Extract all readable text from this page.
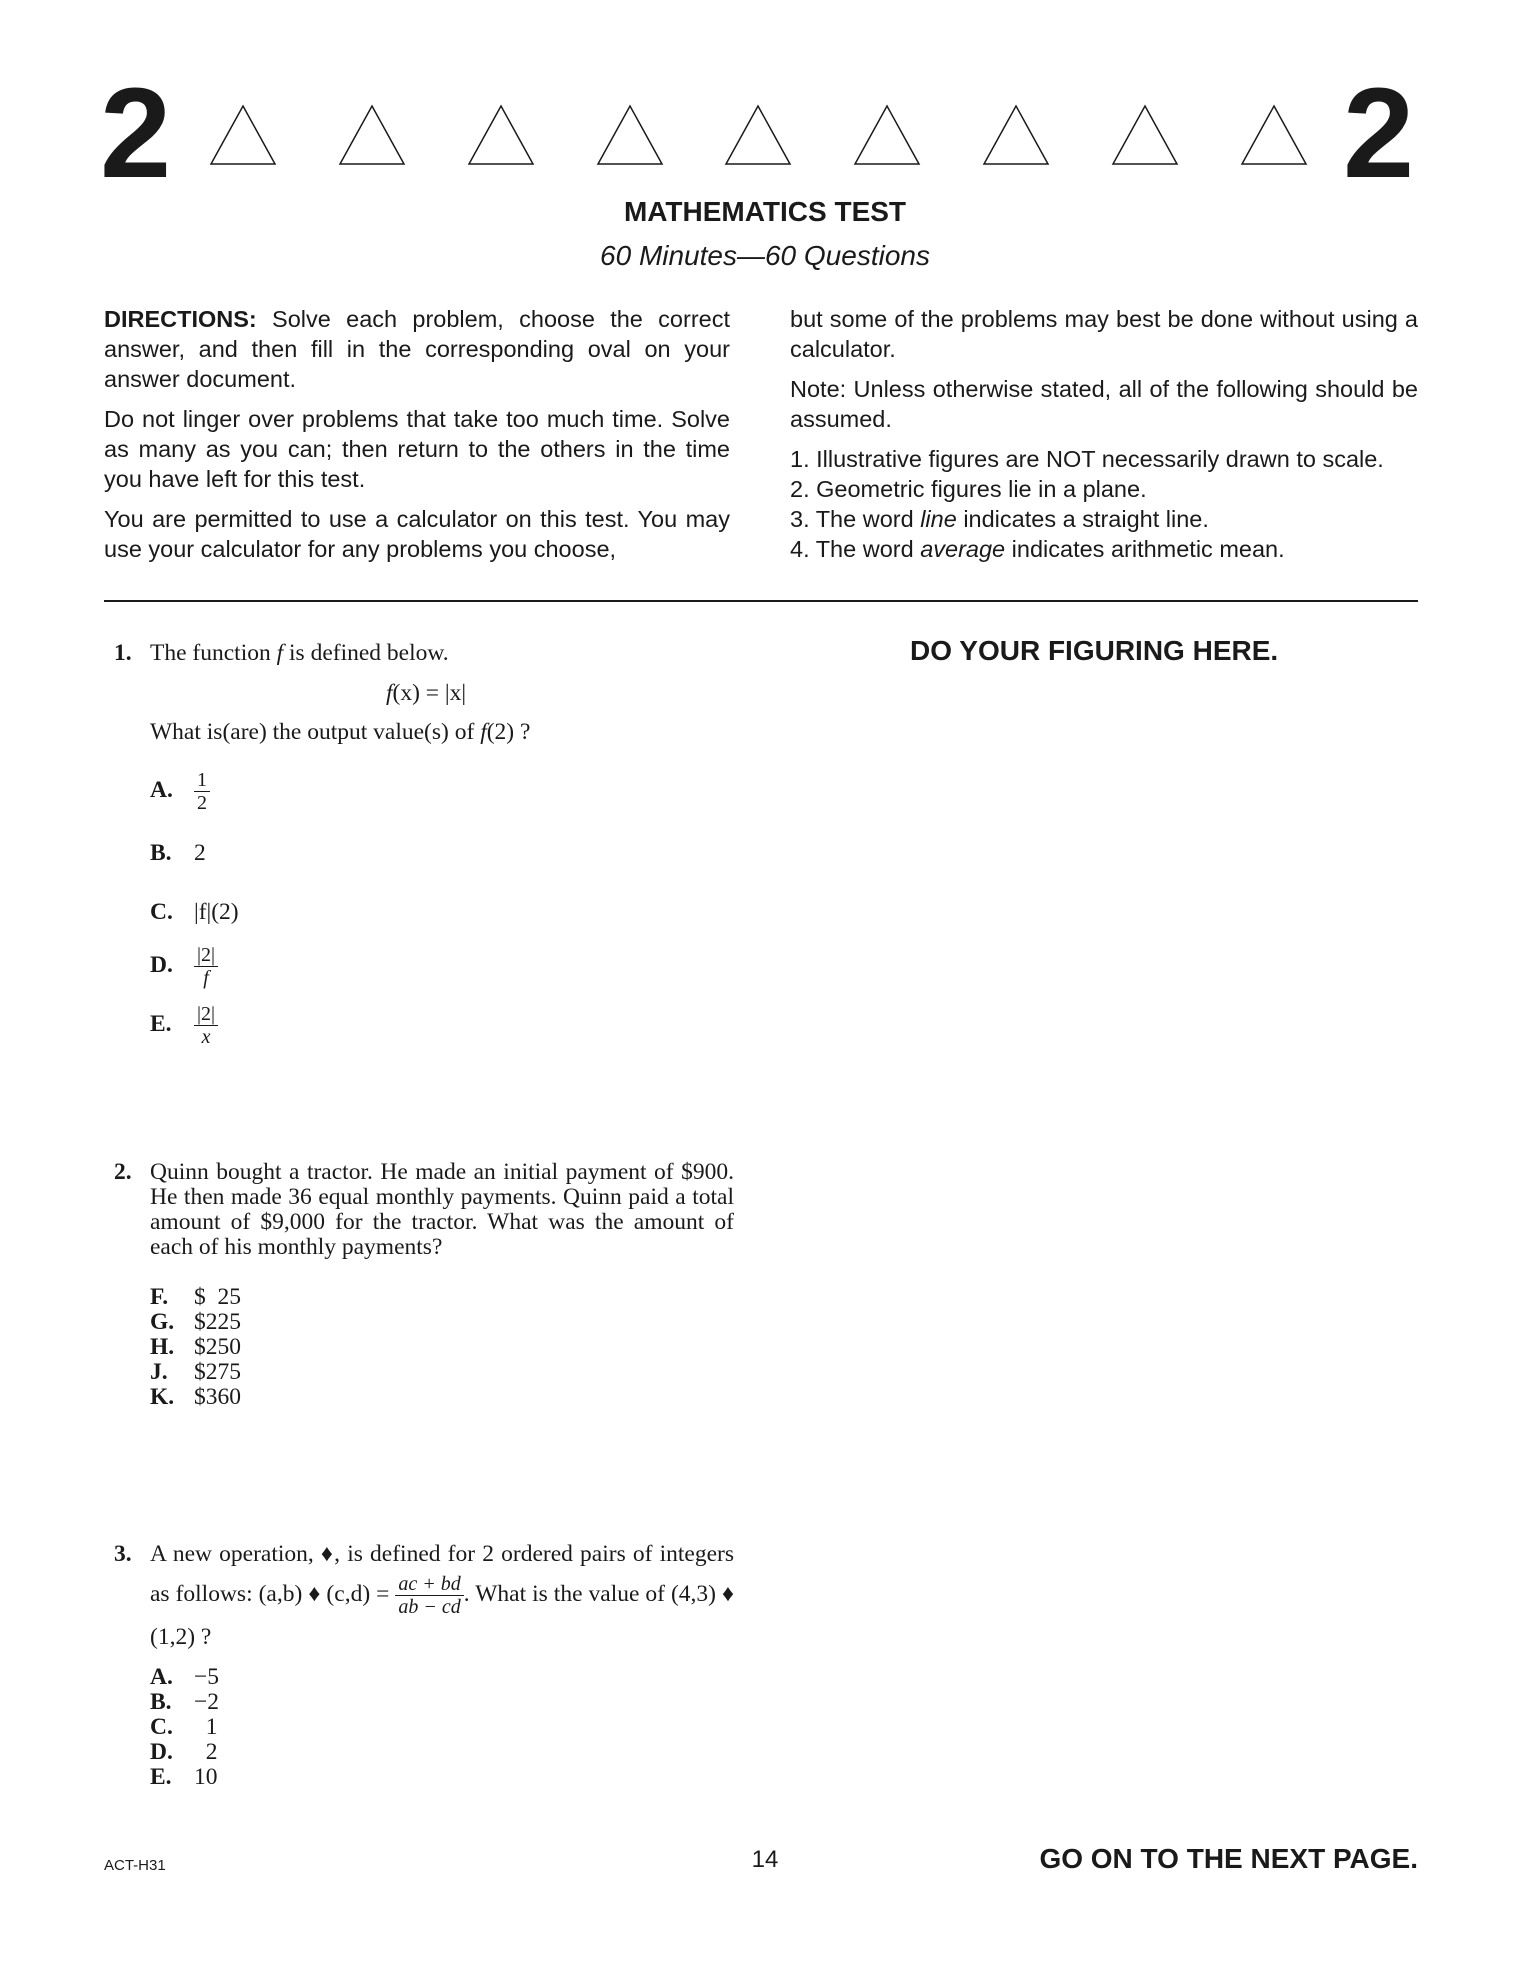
2	2
MATHEMATICS TEST
60 Minutes—60 Questions

DIRECTIONS: Solve each problem, choose the correct answer, and then fill in the corresponding oval on your answer document.

Do not linger over problems that take too much time. Solve as many as you can; then return to the others in the time you have left for this test.

You are permitted to use a calculator on this test. You may use your calculator for any problems you choose,

but some of the problems may best be done without using a calculator.

Note: Unless otherwise stated, all of the following should be assumed.

1. Illustrative figures are NOT necessarily drawn to scale.
2. Geometric figures lie in a plane.
3. The word line indicates a straight line.
4. The word average indicates arithmetic mean.
DO YOUR FIGURING HERE.
1. The function f is defined below.
f(x) = |x|
What is(are) the output value(s) of f(2) ?
A. $\frac{1}{2}$
B. 2
C. |f|(2)
D. $\frac{|2|}{f}$
E. $\frac{|2|}{x}$
2. Quinn bought a tractor. He made an initial payment of $900. He then made 36 equal monthly payments. Quinn paid a total amount of $9,000 for the tractor. What was the amount of each of his monthly payments?
F. $  25
G. $225
H. $250
J. $275
K. $360
3. A new operation, ♦, is defined for 2 ordered pairs of integers as follows: (a,b) ♦ $(c,d) = \frac{ac + bd}{ab - cd}$ . What is the value of (4,3) ♦ (1,2) ?
A. −5
B. −2
C.  1
D.  2
E. 10
ACT-H31	14	GO ON TO THE NEXT PAGE.
